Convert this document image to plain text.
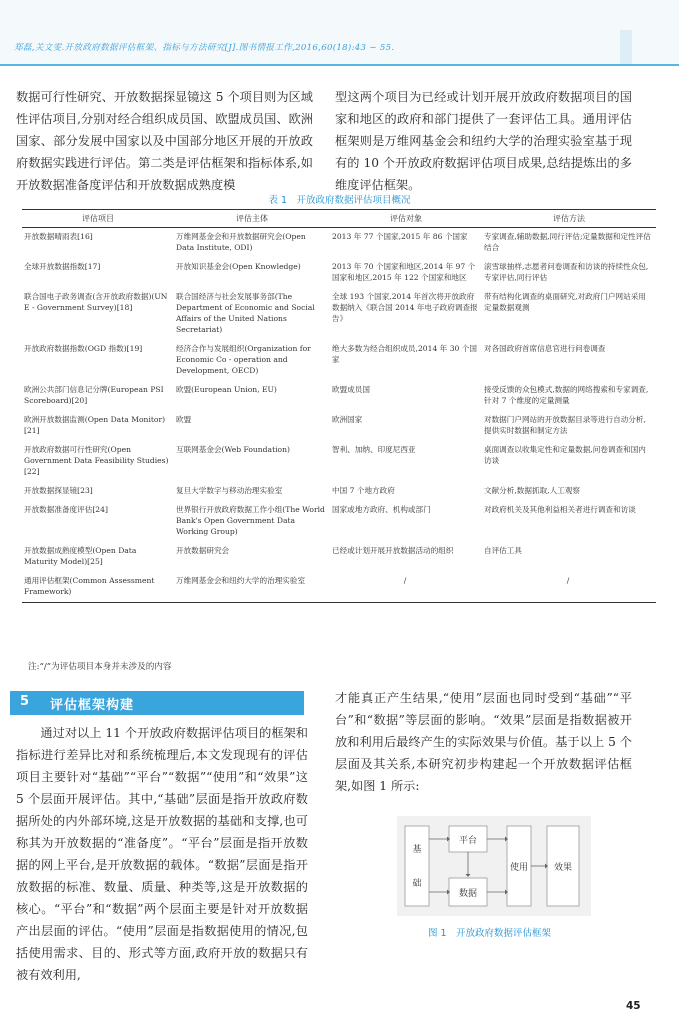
郑磊,关文雯.开放政府数据评估框架、指标与方法研究[J].图书情报工作,2016,60(18):43 − 55.
数据可行性研究、开放数据探显镜这 5 个项目则为区域性评估项目,分别对经合组织成员国、欧盟成员国、欧洲国家、部分发展中国家以及中国部分地区开展的开放政府数据实践进行评估。第二类是评估框架和指标体系,如开放数据准备度评估和开放数据成熟度模
型这两个项目为已经或计划开展开放政府数据项目的国家和地区的政府和部门提供了一套评估工具。通用评估框架则是万维网基金会和纽约大学的治理实验室基于现有的 10 个开放政府数据评估项目成果,总结提炼出的多维度评估框架。
表 1　开放政府数据评估项目概况
评估项目	评估主体	评估对象	评估方法
开放数据晴雨表[16]	万维网基金会和开放数据研究会(Open Data Institute, ODI)	2013 年 77 个国家,2015 年 86 个国家	专家调查,辅助数据,同行评估;定量数据和定性评估结合
全球开放数据指数[17]	开放知识基金会(Open Knowledge)	2013 年 70 个国家和地区,2014 年 97 个国家和地区,2015 年 122 个国家和地区	滚雪球抽样,志愿者问卷调查和访谈的持续性众包,专家评估,同行评估
联合国电子政务调查(含开放政府数据)(UN E - Government Survey)[18]	联合国经济与社会发展事务部(The Department of Economic and Social Affairs of the United Nations Secretariat)	全球 193 个国家,2014 年首次将开放政府数据纳入《联合国 2014 年电子政府调查报告》	带有结构化调查的桌面研究,对政府门户网站采用定量数据观测
开放政府数据指数(OGD 指数)[19]	经济合作与发展组织(Organization for Economic Co - operation and Development, OECD)	绝大多数为经合组织成员,2014 年 30 个国家	对各国政府首席信息官进行问卷调查
欧洲公共部门信息记分牌(European PSI Scoreboard)[20]	欧盟(European Union, EU)	欧盟成员国	接受反馈的众包模式,数据的网络搜索和专家调查,针对 7 个维度的定量测量
欧洲开放数据监测(Open Data Monitor)[21]	欧盟	欧洲国家	对数据门户网站的开放数据目录等进行自动分析,提供实时数据和制定方法
开放政府数据可行性研究(Open Government Data Feasibility Studies)[22]	互联网基金会(Web Foundation)	智利、加纳、印度尼西亚	桌面调查以收集定性和定量数据,问卷调查和国内访谈
开放数据探显镜[23]	复旦大学数字与移动治理实验室	中国 7 个地方政府	文献分析,数据抓取,人工观察
开放数据准备度评估[24]	世界银行开放政府数据工作小组(The World Bank's Open Government Data Working Group)	国家或地方政府、机构或部门	对政府机关及其他利益相关者进行调查和访谈
开放数据成熟度模型(Open Data Maturity Model)[25]	开放数据研究会	已经或计划开展开放数据活动的组织	自评估工具
通用评估框架(Common Assessment Framework)	万维网基金会和纽约大学的治理实验室	/	/
注:“/”为评估项目本身并未涉及的内容
5 评估框架构建
通过对以上 11 个开放政府数据评估项目的框架和指标进行差异比对和系统梳理后,本文发现现有的评估项目主要针对“基础”“平台”“数据”“使用”和“效果”这 5 个层面开展评估。其中,“基础”层面是指开放政府数据所处的内外部环境,这是开放数据的基础和支撑,也可称其为开放数据的“准备度”。“平台”层面是指开放数据的网上平台,是开放数据的载体。“数据”层面是指开放数据的标准、数量、质量、种类等,这是开放数据的核心。“平台”和“数据”两个层面主要是针对开放数据产出层面的评估。“使用”层面是指数据使用的情况,包括使用需求、目的、形式等方面,政府开放的数据只有被有效利用,
才能真正产生结果,“使用”层面也同时受到“基础”“平台”和“数据”等层面的影响。“效果”层面是指数据被开放和利用后最终产生的实际效果与价值。基于以上 5 个层面及其关系,本研究初步构建起一个开放数据评估框架,如图 1 所示:
基
础
平台
数据
使用	效果
图 1　开放政府数据评估框架
45
